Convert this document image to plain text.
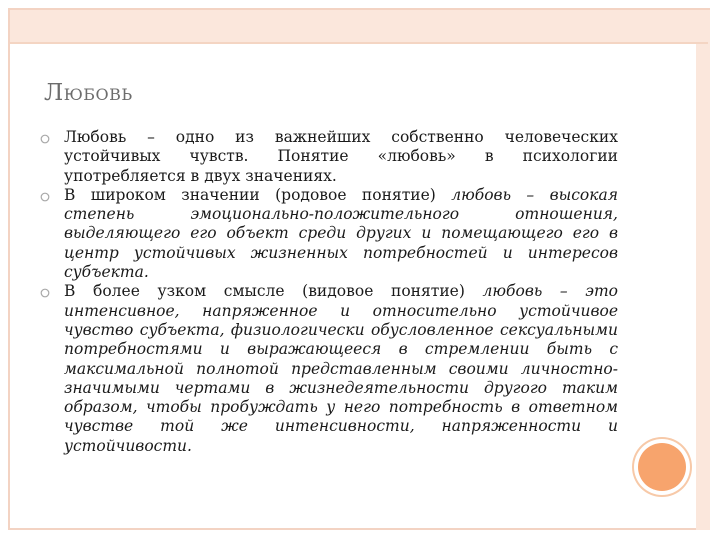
Любовь
Любовь – одно из важнейших собственно человеческих устойчивых чувств. Понятие «любовь» в психологии употребляется в двух значениях.
В широком значении (родовое понятие) любовь – высокая степень эмоционально-положительного отношения, выделяющего его объект среди других и помещающего его в центр устойчивых жизненных потребностей и интересов субъекта.
В более узком смысле (видовое понятие) любовь – это интенсивное, напряженное и относительно устойчивое чувство субъекта, физиологически обусловленное сексуальными потребностями и выражающееся в стремлении быть с максимальной полнотой представленным своими личностно-значимыми чертами в жизнедеятельности другого таким образом, чтобы пробуждать у него потребность в ответном чувстве той же интенсивности, напряженности и устойчивости.
